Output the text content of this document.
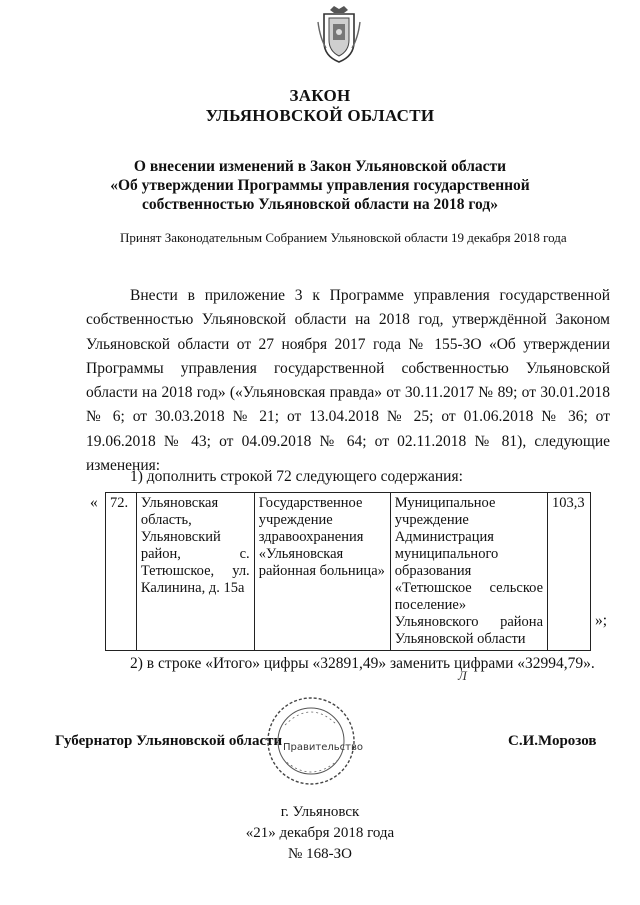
ЗАКОН
УЛЬЯНОВСКОЙ ОБЛАСТИ
О внесении изменений в Закон Ульяновской области
«Об утверждении Программы управления государственной
собственностью Ульяновской области на 2018 год»
Принят Законодательным Собранием Ульяновской области 19 декабря 2018 года
Внести в приложение 3 к Программе управления государственной собственностью Ульяновской области на 2018 год, утверждённой Законом Ульяновской области от 27 ноября 2017 года № 155-ЗО «Об утверждении Программы управления государственной собственностью Ульяновской области на 2018 год» («Ульяновская правда» от 30.11.2017 № 89; от 30.01.2018 № 6; от 30.03.2018 № 21; от 13.04.2018 № 25; от 01.06.2018 № 36; от 19.06.2018 № 43; от 04.09.2018 № 64; от 02.11.2018 № 81), следующие изменения:
1) дополнить строкой 72 следующего содержания:
« 72.	Ульяновская область, Ульяновский район, с. Тетюшское, ул. Калинина, д. 15а	Государственное учреждение здравоохранения «Ульяновская районная больница»	Муниципальное учреждение Администрация муниципального образования «Тетюшское сельское поселение» Ульяновского района Ульяновской области	103,3
»;
2) в строке «Итого» цифры «32891,49» заменить цифрами «32994,79».
Л
Губернатор Ульяновской области	С.И.Морозов
Правительство
г. Ульяновск
«21» декабря 2018 года
№ 168-ЗО
